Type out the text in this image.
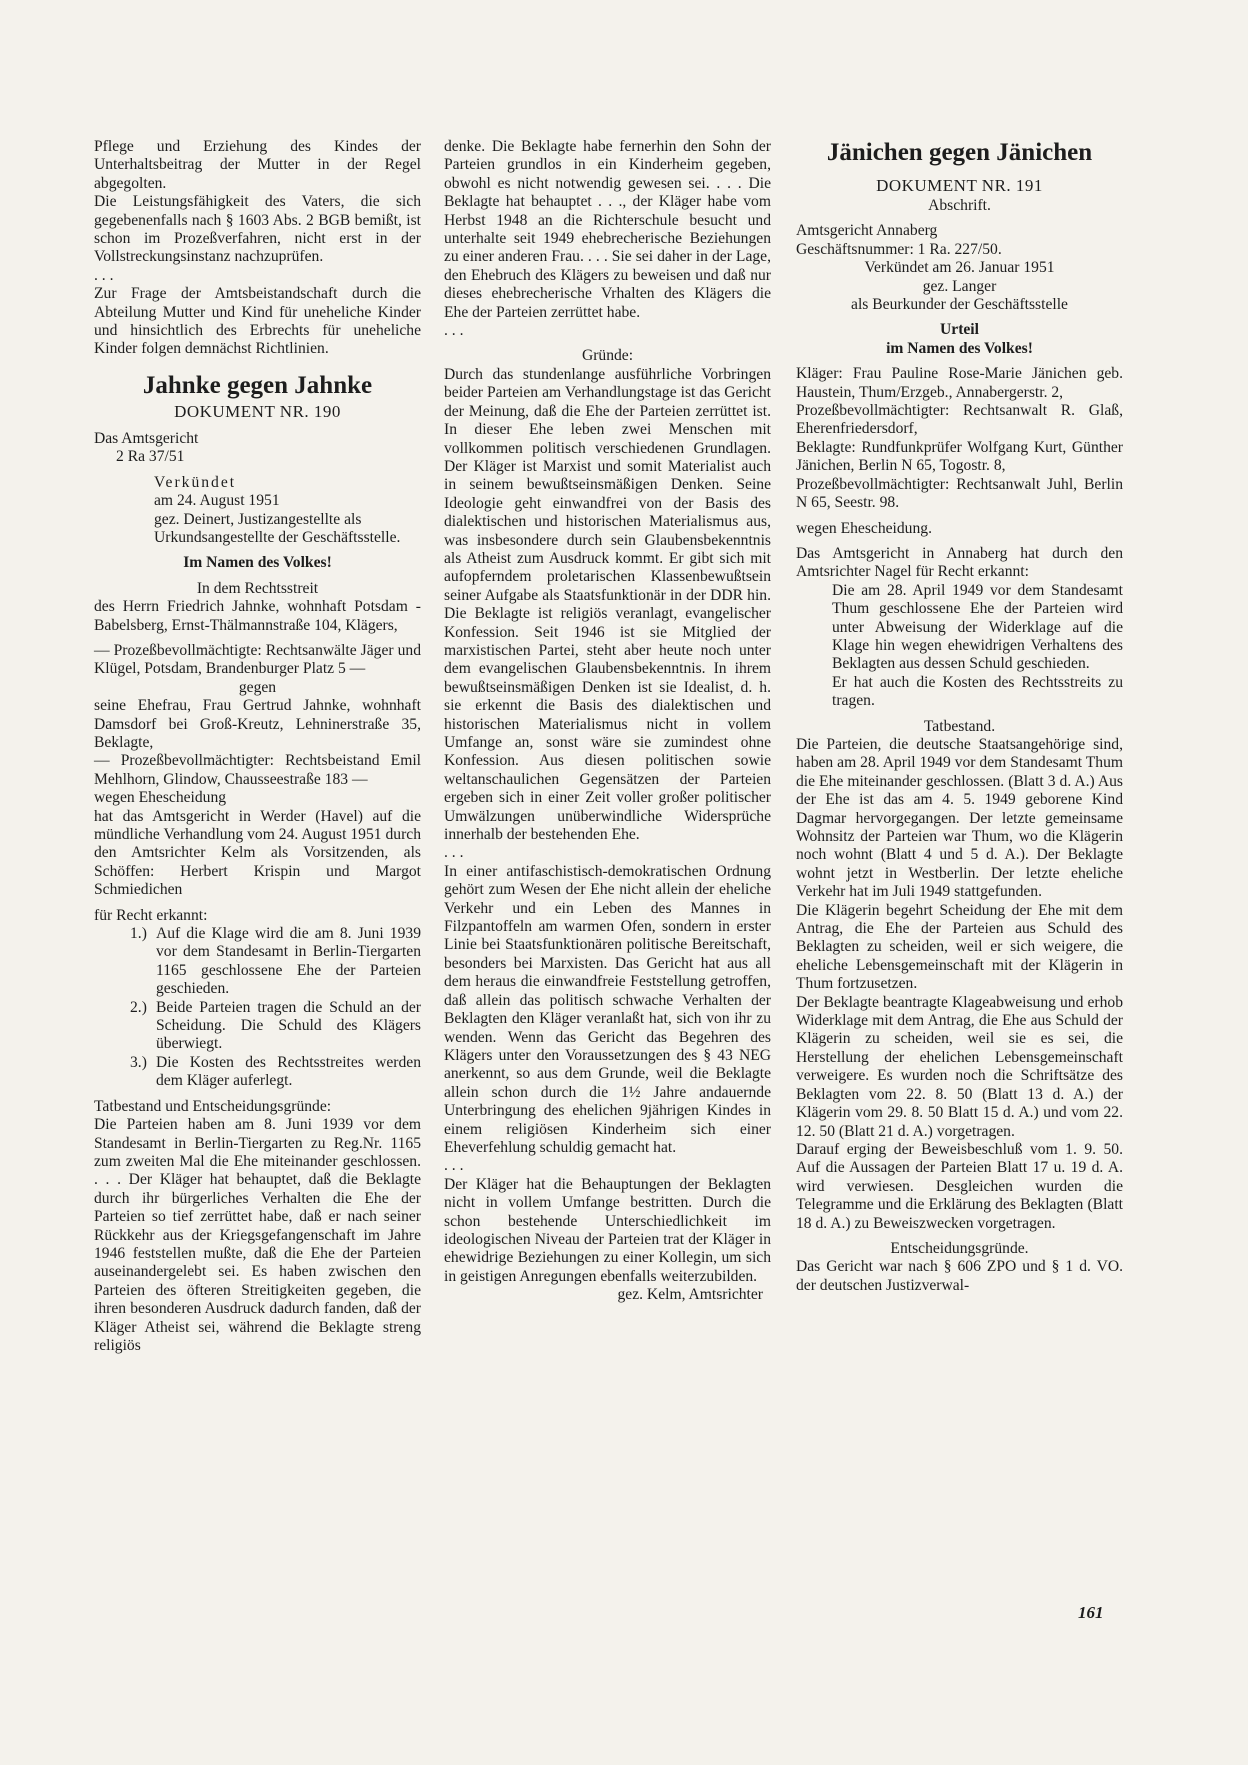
Pflege und Erziehung des Kindes der Unterhaltsbeitrag der Mutter in der Regel abgegolten.

Die Leistungsfähigkeit des Vaters, die sich gegebenenfalls nach § 1603 Abs. 2 BGB bemißt, ist schon im Prozeßverfahren, nicht erst in der Vollstreckungsinstanz nachzuprüfen.

. . .

Zur Frage der Amtsbeistandschaft durch die Abteilung Mutter und Kind für uneheliche Kinder und hinsichtlich des Erbrechts für uneheliche Kinder folgen demnächst Richtlinien.

Jahnke gegen Jahnke

DOKUMENT NR. 190

Das Amtsgericht

2 Ra 37/51

Verkündet

am 24. August 1951

gez. Deinert, Justizangestellte als Urkundsangestellte der Geschäftsstelle.

Im Namen des Volkes!

In dem Rechtsstreit

des Herrn Friedrich Jahnke, wohnhaft Potsdam - Babelsberg, Ernst-Thälmannstraße 104, Klägers,

— Prozeßbevollmächtigte: Rechtsanwälte Jäger und Klügel, Potsdam, Brandenburger Platz 5 —

gegen

seine Ehefrau, Frau Gertrud Jahnke, wohnhaft Damsdorf bei Groß-Kreutz, Lehninerstraße 35, Beklagte,

— Prozeßbevollmächtigter: Rechtsbeistand Emil Mehlhorn, Glindow, Chausseestraße 183 —

wegen Ehescheidung

hat das Amtsgericht in Werder (Havel) auf die mündliche Verhandlung vom 24. August 1951 durch den Amtsrichter Kelm als Vorsitzenden, als Schöffen: Herbert Krispin und Margot Schmiedichen

für Recht erkannt:

1.) Auf die Klage wird die am 8. Juni 1939 vor dem Standesamt in Berlin-Tiergarten 1165 geschlossene Ehe der Parteien geschieden.
2.) Beide Parteien tragen die Schuld an der Scheidung. Die Schuld des Klägers überwiegt.
3.) Die Kosten des Rechtsstreites werden dem Kläger auferlegt.

Tatbestand und Entscheidungsgründe:

Die Parteien haben am 8. Juni 1939 vor dem Standesamt in Berlin-Tiergarten zu Reg.Nr. 1165 zum zweiten Mal die Ehe miteinander geschlossen. . . . Der Kläger hat behauptet, daß die Beklagte durch ihr bürgerliches Verhalten die Ehe der Parteien so tief zerrüttet habe, daß er nach seiner Rückkehr aus der Kriegsgefangenschaft im Jahre 1946 feststellen mußte, daß die Ehe der Parteien auseinandergelebt sei. Es haben zwischen den Parteien des öfteren Streitigkeiten gegeben, die ihren besonderen Ausdruck dadurch fanden, daß der Kläger Atheist sei, während die Beklagte streng religiös

denke. Die Beklagte habe fernerhin den Sohn der Parteien grundlos in ein Kinderheim gegeben, obwohl es nicht notwendig gewesen sei. . . . Die Beklagte hat behauptet . . ., der Kläger habe vom Herbst 1948 an die Richterschule besucht und unterhalte seit 1949 ehebrecherische Beziehungen zu einer anderen Frau. . . . Sie sei daher in der Lage, den Ehebruch des Klägers zu beweisen und daß nur dieses ehebrecherische Vrhalten des Klägers die Ehe der Parteien zerrüttet habe.

. . .

Gründe:

Durch das stundenlange ausführliche Vorbringen beider Parteien am Verhandlungstage ist das Gericht der Meinung, daß die Ehe der Parteien zerrüttet ist. In dieser Ehe leben zwei Menschen mit vollkommen politisch verschiedenen Grundlagen. Der Kläger ist Marxist und somit Materialist auch in seinem bewußtseinsmäßigen Denken. Seine Ideologie geht einwandfrei von der Basis des dialektischen und historischen Materialismus aus, was insbesondere durch sein Glaubensbekenntnis als Atheist zum Ausdruck kommt. Er gibt sich mit aufopferndem proletarischen Klassenbewußtsein seiner Aufgabe als Staatsfunktionär in der DDR hin. Die Beklagte ist religiös veranlagt, evangelischer Konfession. Seit 1946 ist sie Mitglied der marxistischen Partei, steht aber heute noch unter dem evangelischen Glaubensbekenntnis. In ihrem bewußtseinsmäßigen Denken ist sie Idealist, d. h. sie erkennt die Basis des dialektischen und historischen Materialismus nicht in vollem Umfange an, sonst wäre sie zumindest ohne Konfession. Aus diesen politischen sowie weltanschaulichen Gegensätzen der Parteien ergeben sich in einer Zeit voller großer politischer Umwälzungen unüberwindliche Widersprüche innerhalb der bestehenden Ehe.

. . .

In einer antifaschistisch-demokratischen Ordnung gehört zum Wesen der Ehe nicht allein der eheliche Verkehr und ein Leben des Mannes in Filzpantoffeln am warmen Ofen, sondern in erster Linie bei Staatsfunktionären politische Bereitschaft, besonders bei Marxisten. Das Gericht hat aus all dem heraus die einwandfreie Feststellung getroffen, daß allein das politisch schwache Verhalten der Beklagten den Kläger veranlaßt hat, sich von ihr zu wenden. Wenn das Gericht das Begehren des Klägers unter den Voraussetzungen des § 43 NEG anerkennt, so aus dem Grunde, weil die Beklagte allein schon durch die 1½ Jahre andauernde Unterbringung des ehelichen 9jährigen Kindes in einem religiösen Kinderheim sich einer Eheverfehlung schuldig gemacht hat.

. . .

Der Kläger hat die Behauptungen der Beklagten nicht in vollem Umfange bestritten. Durch die schon bestehende Unterschiedlichkeit im ideologischen Niveau der Parteien trat der Kläger in ehewidrige Beziehungen zu einer Kollegin, um sich in geistigen Anregungen ebenfalls weiterzubilden.

gez. Kelm, Amtsrichter

Jänichen gegen Jänichen

DOKUMENT NR. 191

Abschrift.

Amtsgericht Annaberg

Geschäftsnummer: 1 Ra. 227/50.

Verkündet am 26. Januar 1951

gez. Langer

als Beurkunder der Geschäftsstelle

Urteil

im Namen des Volkes!

Kläger: Frau Pauline Rose-Marie Jänichen geb. Haustein, Thum/Erzgeb., Annabergerstr. 2,

Prozeßbevollmächtigter: Rechtsanwalt R. Glaß, Eherenfriedersdorf,

Beklagte: Rundfunkprüfer Wolfgang Kurt, Günther Jänichen, Berlin N 65, Togostr. 8,

Prozeßbevollmächtigter: Rechtsanwalt Juhl, Berlin N 65, Seestr. 98.

wegen Ehescheidung.

Das Amtsgericht in Annaberg hat durch den Amtsrichter Nagel für Recht erkannt:

Die am 28. April 1949 vor dem Standesamt Thum geschlossene Ehe der Parteien wird unter Abweisung der Widerklage auf die Klage hin wegen ehewidrigen Verhaltens des Beklagten aus dessen Schuld geschieden.

Er hat auch die Kosten des Rechtsstreits zu tragen.

Tatbestand.

Die Parteien, die deutsche Staatsangehörige sind, haben am 28. April 1949 vor dem Standesamt Thum die Ehe miteinander geschlossen. (Blatt 3 d. A.) Aus der Ehe ist das am 4. 5. 1949 geborene Kind Dagmar hervorgegangen. Der letzte gemeinsame Wohnsitz der Parteien war Thum, wo die Klägerin noch wohnt (Blatt 4 und 5 d. A.). Der Beklagte wohnt jetzt in Westberlin. Der letzte eheliche Verkehr hat im Juli 1949 stattgefunden.

Die Klägerin begehrt Scheidung der Ehe mit dem Antrag, die Ehe der Parteien aus Schuld des Beklagten zu scheiden, weil er sich weigere, die eheliche Lebensgemeinschaft mit der Klägerin in Thum fortzusetzen.

Der Beklagte beantragte Klageabweisung und erhob Widerklage mit dem Antrag, die Ehe aus Schuld der Klägerin zu scheiden, weil sie es sei, die Herstellung der ehelichen Lebensgemeinschaft verweigere. Es wurden noch die Schriftsätze des Beklagten vom 22. 8. 50 (Blatt 13 d. A.) der Klägerin vom 29. 8. 50 Blatt 15 d. A.) und vom 22. 12. 50 (Blatt 21 d. A.) vorgetragen.

Darauf erging der Beweisbeschluß vom 1. 9. 50. Auf die Aussagen der Parteien Blatt 17 u. 19 d. A. wird verwiesen. Desgleichen wurden die Telegramme und die Erklärung des Beklagten (Blatt 18 d. A.) zu Beweiszwecken vorgetragen.

Entscheidungsgründe.

Das Gericht war nach § 606 ZPO und § 1 d. VO. der deutschen Justizverwal-

161
